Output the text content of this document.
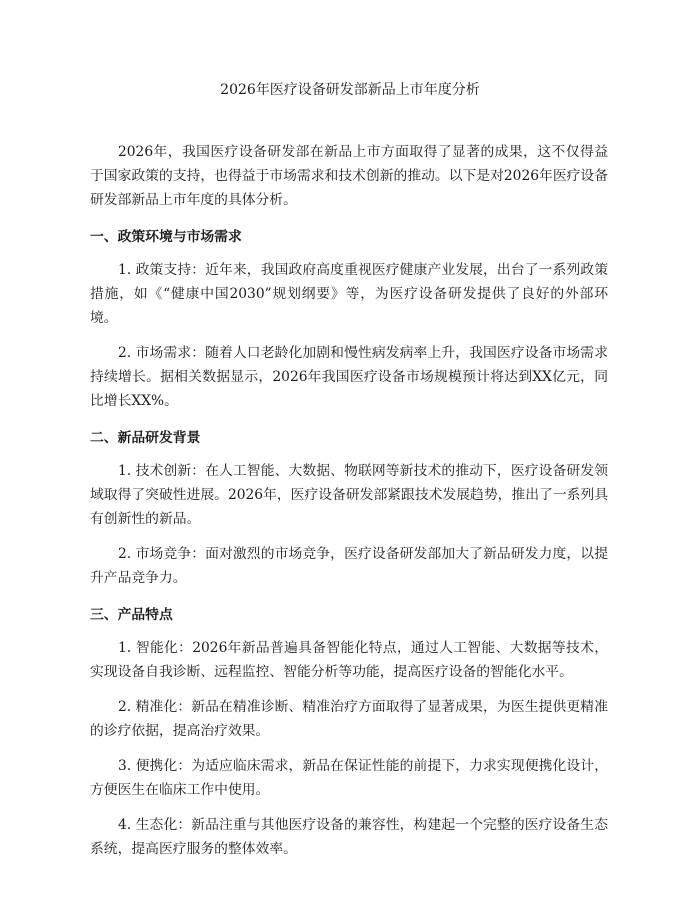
2026年医疗设备研发部新品上市年度分析

2026年，我国医疗设备研发部在新品上市方面取得了显著的成果，这不仅得益于国家政策的支持，也得益于市场需求和技术创新的推动。以下是对2026年医疗设备研发部新品上市年度的具体分析。

一、政策环境与市场需求

1. 政策支持：近年来，我国政府高度重视医疗健康产业发展，出台了一系列政策措施，如《“健康中国2030”规划纲要》等，为医疗设备研发提供了良好的外部环境。

2. 市场需求：随着人口老龄化加剧和慢性病发病率上升，我国医疗设备市场需求持续增长。据相关数据显示，2026年我国医疗设备市场规模预计将达到XX亿元，同比增长XX%。

二、新品研发背景

1. 技术创新：在人工智能、大数据、物联网等新技术的推动下，医疗设备研发领域取得了突破性进展。2026年，医疗设备研发部紧跟技术发展趋势，推出了一系列具有创新性的新品。

2. 市场竞争：面对激烈的市场竞争，医疗设备研发部加大了新品研发力度，以提升产品竞争力。

三、产品特点

1. 智能化：2026年新品普遍具备智能化特点，通过人工智能、大数据等技术，实现设备自我诊断、远程监控、智能分析等功能，提高医疗设备的智能化水平。

2. 精准化：新品在精准诊断、精准治疗方面取得了显著成果，为医生提供更精准的诊疗依据，提高治疗效果。

3. 便携化：为适应临床需求，新品在保证性能的前提下，力求实现便携化设计，方便医生在临床工作中使用。

4. 生态化：新品注重与其他医疗设备的兼容性，构建起一个完整的医疗设备生态系统，提高医疗服务的整体效率。
